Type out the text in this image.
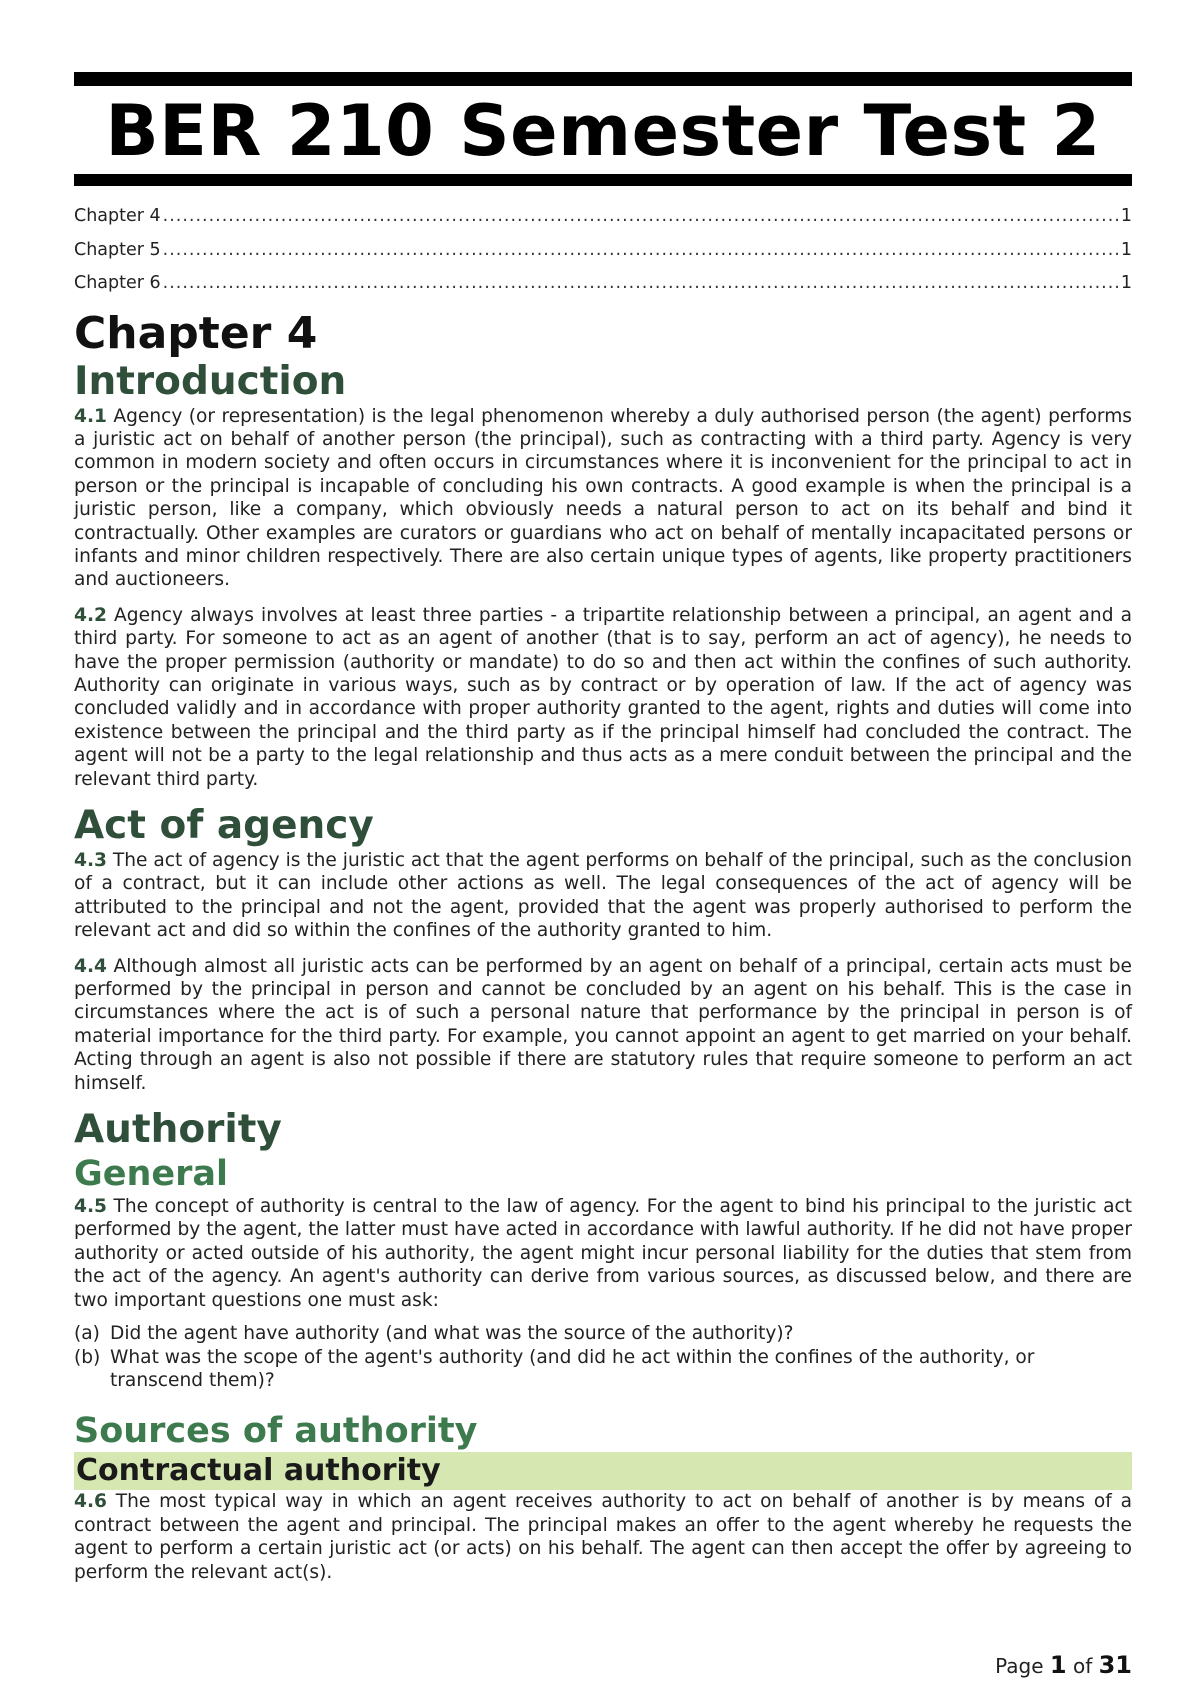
BER 210 Semester Test 2
Chapter 4 .....	1
Chapter 5 .....	1
Chapter 6 .....	1
Chapter 4
Introduction

4.1 Agency (or representation) is the legal phenomenon whereby a duly authorised person (the agent) performs a juristic act on behalf of another person (the principal), such as contracting with a third party. Agency is very common in modern society and often occurs in circumstances where it is inconvenient for the principal to act in person or the principal is incapable of concluding his own contracts. A good example is when the principal is a juristic person, like a company, which obviously needs a natural person to act on its behalf and bind it contractually. Other examples are curators or guardians who act on behalf of mentally incapacitated persons or infants and minor children respectively. There are also certain unique types of agents, like property practitioners and auctioneers.

4.2 Agency always involves at least three parties - a tripartite relationship between a principal, an agent and a third party. For someone to act as an agent of another (that is to say, perform an act of agency), he needs to have the proper permission (authority or mandate) to do so and then act within the confines of such authority. Authority can originate in various ways, such as by contract or by operation of law. If the act of agency was concluded validly and in accordance with proper authority granted to the agent, rights and duties will come into existence between the principal and the third party as if the principal himself had concluded the contract. The agent will not be a party to the legal relationship and thus acts as a mere conduit between the principal and the relevant third party.

Act of agency

4.3 The act of agency is the juristic act that the agent performs on behalf of the principal, such as the conclusion of a contract, but it can include other actions as well. The legal consequences of the act of agency will be attributed to the principal and not the agent, provided that the agent was properly authorised to perform the relevant act and did so within the confines of the authority granted to him.

4.4 Although almost all juristic acts can be performed by an agent on behalf of a principal, certain acts must be performed by the principal in person and cannot be concluded by an agent on his behalf. This is the case in circumstances where the act is of such a personal nature that performance by the principal in person is of material importance for the third party. For example, you cannot appoint an agent to get married on your behalf. Acting through an agent is also not possible if there are statutory rules that require someone to perform an act himself.

Authority
General

4.5 The concept of authority is central to the law of agency. For the agent to bind his principal to the juristic act performed by the agent, the latter must have acted in accordance with lawful authority. If he did not have proper authority or acted outside of his authority, the agent might incur personal liability for the duties that stem from the act of the agency. An agent's authority can derive from various sources, as discussed below, and there are two important questions one must ask:

(a) Did the agent have authority (and what was the source of the authority)?
(b) What was the scope of the agent's authority (and did he act within the confines of the authority, or transcend them)?
Sources of authority
Contractual authority

4.6 The most typical way in which an agent receives authority to act on behalf of another is by means of a contract between the agent and principal. The principal makes an offer to the agent whereby he requests the agent to perform a certain juristic act (or acts) on his behalf. The agent can then accept the offer by agreeing to perform the relevant act(s).

Page 1 of 31
